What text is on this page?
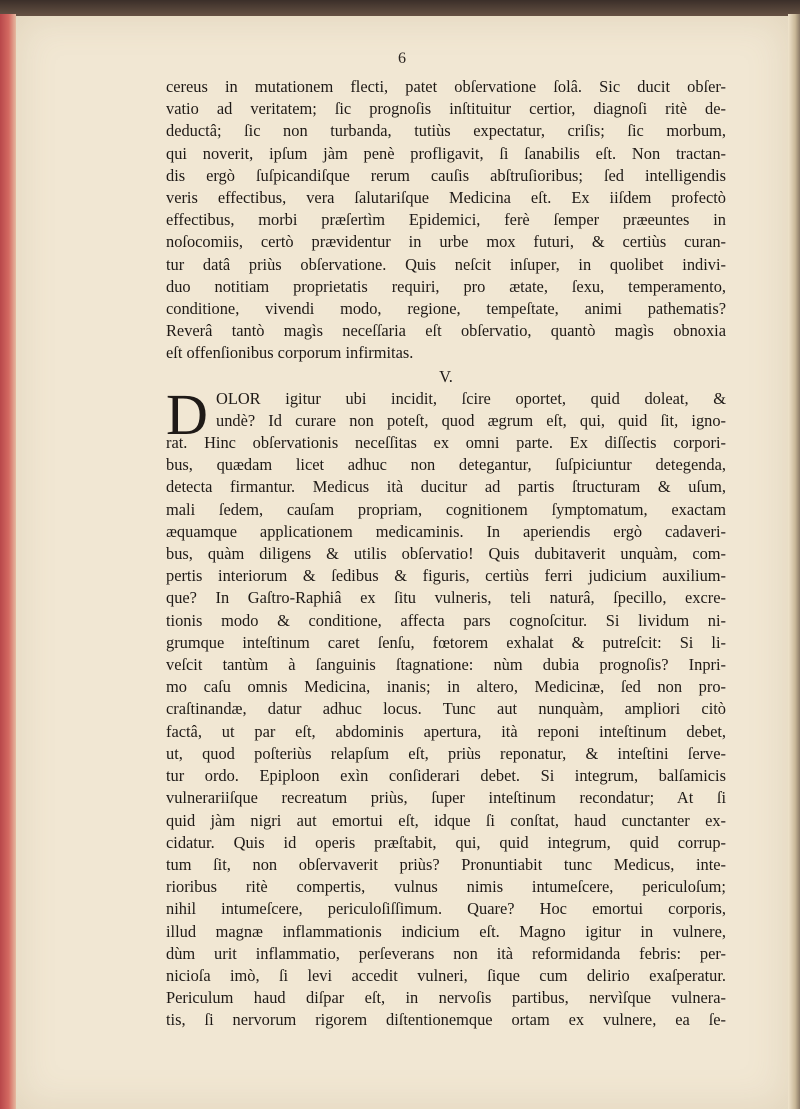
6
cereus in mutationem flecti, patet obſervatione ſolâ. Sic ducit obſer-
vatio ad veritatem; ſic prognoſis inſtituitur certior, diagnoſi ritè de-
deductâ; ſic non turbanda, tutiùs expectatur, criſis; ſic morbum,
qui noverit, ipſum jàm penè profligavit, ſi ſanabilis eſt. Non tractan-
dis ergò ſuſpicandiſque rerum cauſis abſtruſioribus; ſed intelligendis
veris effectibus, vera ſalutariſque Medicina eſt. Ex iiſdem profectò
effectibus, morbi præſertìm Epidemici, ferè ſemper præeuntes in
noſocomiis, certò prævidentur in urbe mox futuri, & certiùs curan-
tur datâ priùs obſervatione. Quis neſcit inſuper, in quolibet indivi-
duo notitiam proprietatis requiri, pro ætate, ſexu, temperamento,
conditione, vivendi modo, regione, tempeſtate, animi pathematis?
Reverâ tantò magìs neceſſaria eſt obſervatio, quantò magìs obnoxia
eſt offenſionibus corporum infirmitas.
V.
D OLOR igitur ubi incidit, ſcire oportet, quid doleat, &
undè? Id curare non poteſt, quod ægrum eſt, qui, quid ſit, igno-
rat. Hinc obſervationis neceſſitas ex omni parte. Ex diſſectis corpori-
bus, quædam licet adhuc non detegantur, ſuſpiciuntur detegenda,
detecta firmantur. Medicus ità ducitur ad partis ſtructuram & uſum,
mali ſedem, cauſam propriam, cognitionem ſymptomatum, exactam
æquamque applicationem medicaminis. In aperiendis ergò cadaveri-
bus, quàm diligens & utilis obſervatio! Quis dubitaverit unquàm, com-
pertis interiorum & ſedibus & figuris, certiùs ferri judicium auxilium-
que? In Gaſtro-Raphiâ ex ſitu vulneris, teli naturâ, ſpecillo, excre-
tionis modo & conditione, affecta pars cognoſcitur. Si lividum ni-
grumque inteſtinum caret ſenſu, fœtorem exhalat & putreſcit: Si li-
veſcit tantùm à ſanguinis ſtagnatione: nùm dubia prognoſis? Inpri-
mo caſu omnis Medicina, inanis; in altero, Medicinæ, ſed non pro-
craſtinandæ, datur adhuc locus. Tunc aut nunquàm, ampliori citò
factâ, ut par eſt, abdominis apertura, ità reponi inteſtinum debet,
ut, quod poſteriùs relapſum eſt, priùs reponatur, & inteſtini ſerve-
tur ordo. Epiploon exìn conſiderari debet. Si integrum, balſamicis
vulnerariiſque recreatum priùs, ſuper inteſtinum recondatur; At ſi
quid jàm nigri aut emortui eſt, idque ſi conſtat, haud cunctanter ex-
cidatur. Quis id operis præſtabit, qui, quid integrum, quid corrup-
tum ſit, non obſervaverit priùs? Pronuntiabit tunc Medicus, inte-
rioribus ritè compertis, vulnus nimis intumeſcere, periculoſum;
nihil intumeſcere, periculoſiſſimum. Quare? Hoc emortui corporis,
illud magnæ inflammationis indicium eſt. Magno igitur in vulnere,
dùm urit inflammatio, perſeverans non ità reformidanda febris: per-
nicioſa imò, ſi levi accedit vulneri, ſique cum delirio exaſperatur.
Periculum haud diſpar eſt, in nervoſis partibus, nervìſque vulnera-
tis, ſi nervorum rigorem diſtentionemque ortam ex vulnere, ea ſe-
